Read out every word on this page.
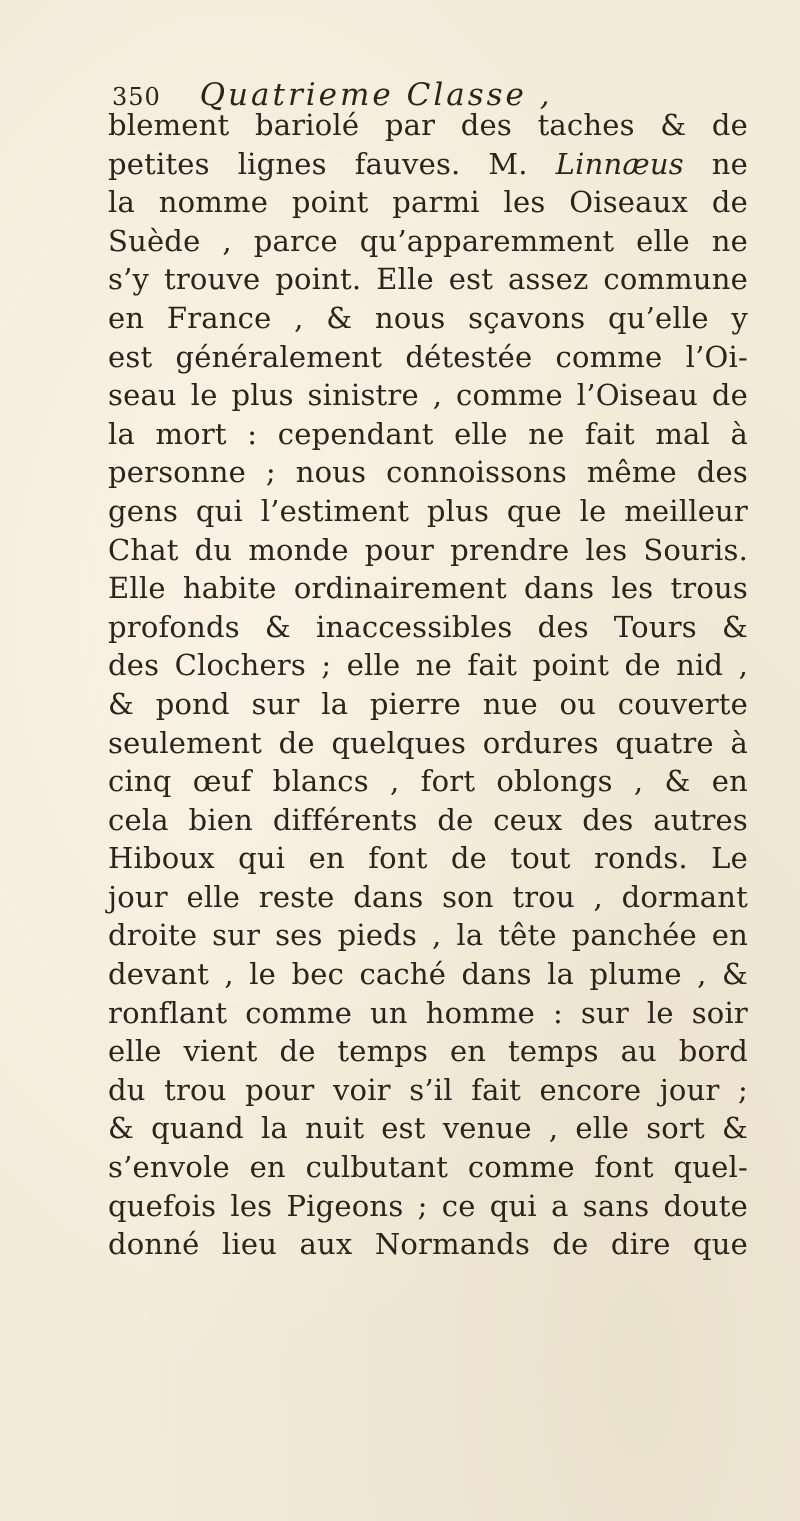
350 Quatrieme Classe ,
blement bariolé par des taches & de
petites lignes fauves. M. Linnæus ne
la nomme point parmi les Oiseaux de
Suède , parce qu’apparemment elle ne
s’y trouve point. Elle est assez commune
en France , & nous sçavons qu’elle y
est généralement détestée comme l’Oi-
seau le plus sinistre , comme l’Oiseau de
la mort : cependant elle ne fait mal à
personne ; nous connoissons même des
gens qui l’estiment plus que le meilleur
Chat du monde pour prendre les Souris.
Elle habite ordinairement dans les trous
profonds & inaccessibles des Tours &
des Clochers ; elle ne fait point de nid ,
& pond sur la pierre nue ou couverte
seulement de quelques ordures quatre à
cinq œuf blancs , fort oblongs , & en
cela bien différents de ceux des autres
Hiboux qui en font de tout ronds. Le
jour elle reste dans son trou , dormant
droite sur ses pieds , la tête panchée en
devant , le bec caché dans la plume , &
ronflant comme un homme : sur le soir
elle vient de temps en temps au bord
du trou pour voir s’il fait encore jour ;
& quand la nuit est venue , elle sort &
s’envole en culbutant comme font quel-
quefois les Pigeons ; ce qui a sans doute
donné lieu aux Normands de dire que
